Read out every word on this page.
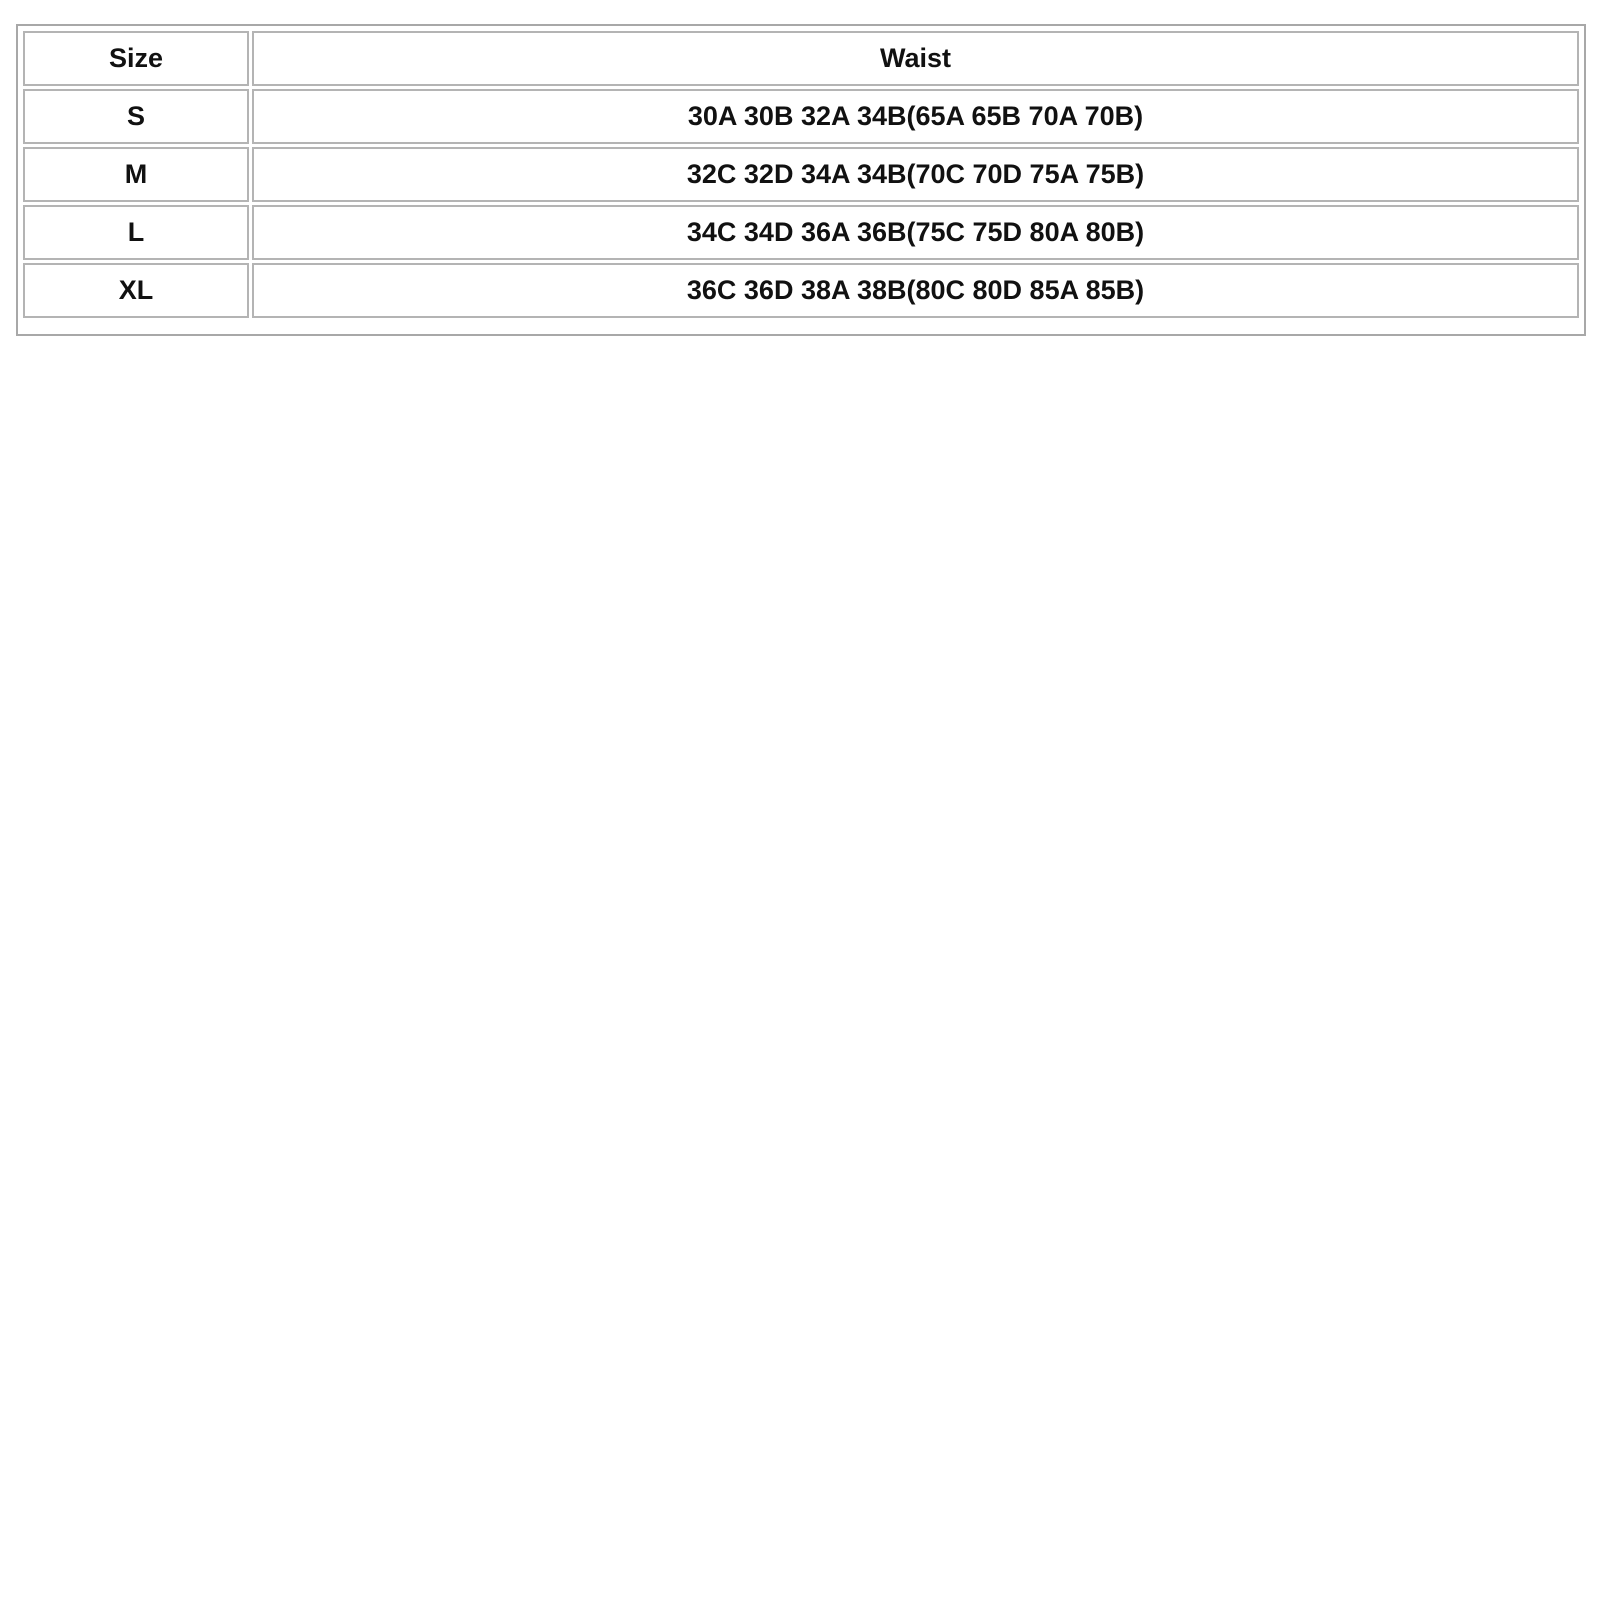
Size	Waist
S	30A 30B 32A 34B(65A 65B 70A 70B)
M	32C 32D 34A 34B(70C 70D 75A 75B)
L	34C 34D 36A 36B(75C 75D 80A 80B)
XL	36C 36D 38A 38B(80C 80D 85A 85B)
